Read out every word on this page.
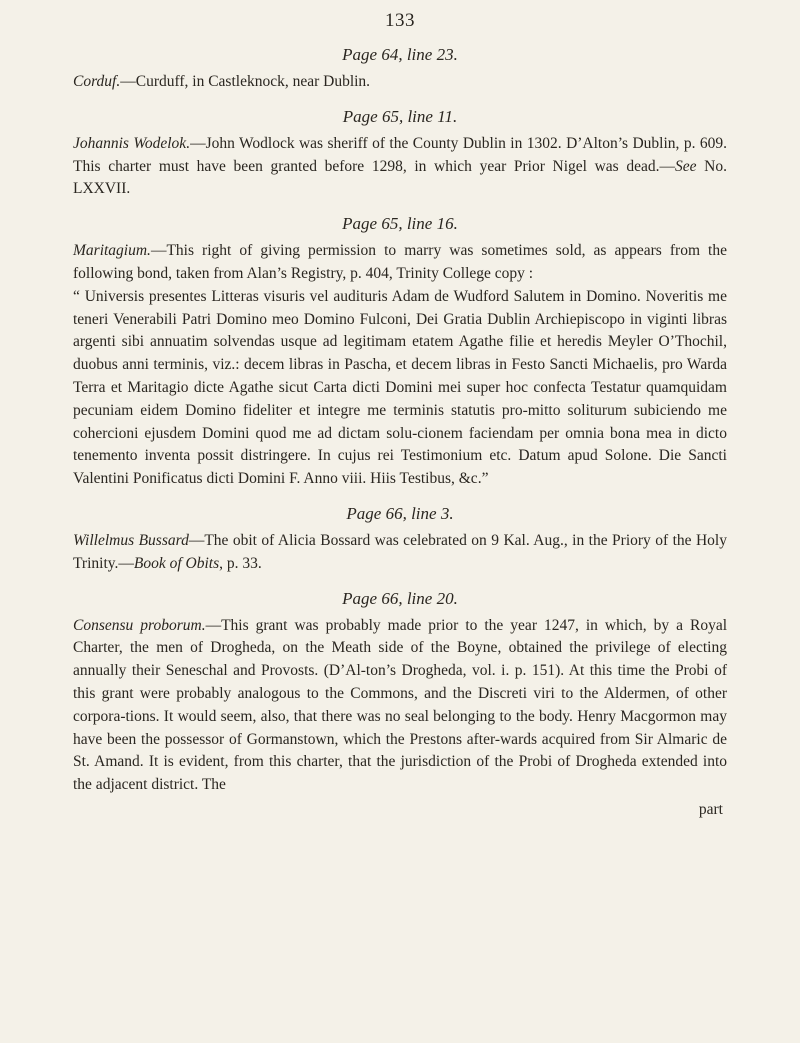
133
Page 64, line 23.

Corduf.—Curduff, in Castleknock, near Dublin.

Page 65, line 11.

Johannis Wodelok.—John Wodlock was sheriff of the County Dublin in 1302. D’Alton’s Dublin, p. 609. This charter must have been granted before 1298, in which year Prior Nigel was dead.—See No. LXXVII.

Page 65, line 16.

Maritagium.—This right of giving permission to marry was sometimes sold, as appears from the following bond, taken from Alan’s Registry, p. 404, Trinity College copy :
“ Universis presentes Litteras visuris vel audituris Adam de Wudford Salutem in Domino. Noveritis me teneri Venerabili Patri Domino meo Domino Fulconi, Dei Gratia Dublin Archiepiscopo in viginti libras argenti sibi annuatim solvendas usque ad legitimam etatem Agathe filie et heredis Meyler O’Thochil, duobus anni terminis, viz.: decem libras in Pascha, et decem libras in Festo Sancti Michaelis, pro Warda Terra et Maritagio dicte Agathe sicut Carta dicti Domini mei super hoc confecta Testatur quamquidam pecuniam eidem Domino fideliter et integre me terminis statutis pro-mitto soliturum subiciendo me cohercioni ejusdem Domini quod me ad dictam solu-cionem faciendam per omnia bona mea in dicto tenemento inventa possit distringere. In cujus rei Testimonium etc. Datum apud Solone. Die Sancti Valentini Ponificatus dicti Domini F. Anno viii. Hiis Testibus, &c.”

Page 66, line 3.

Willelmus Bussard—The obit of Alicia Bossard was celebrated on 9 Kal. Aug., in the Priory of the Holy Trinity.—Book of Obits, p. 33.

Page 66, line 20.

Consensu proborum.—This grant was probably made prior to the year 1247, in which, by a Royal Charter, the men of Drogheda, on the Meath side of the Boyne, obtained the privilege of electing annually their Seneschal and Provosts. (D’Al-ton’s Drogheda, vol. i. p. 151). At this time the Probi of this grant were probably analogous to the Commons, and the Discreti viri to the Aldermen, of other corpora-tions. It would seem, also, that there was no seal belonging to the body. Henry Macgormon may have been the possessor of Gormanstown, which the Prestons after-wards acquired from Sir Almaric de St. Amand. It is evident, from this charter, that the jurisdiction of the Probi of Drogheda extended into the adjacent district. The

part
